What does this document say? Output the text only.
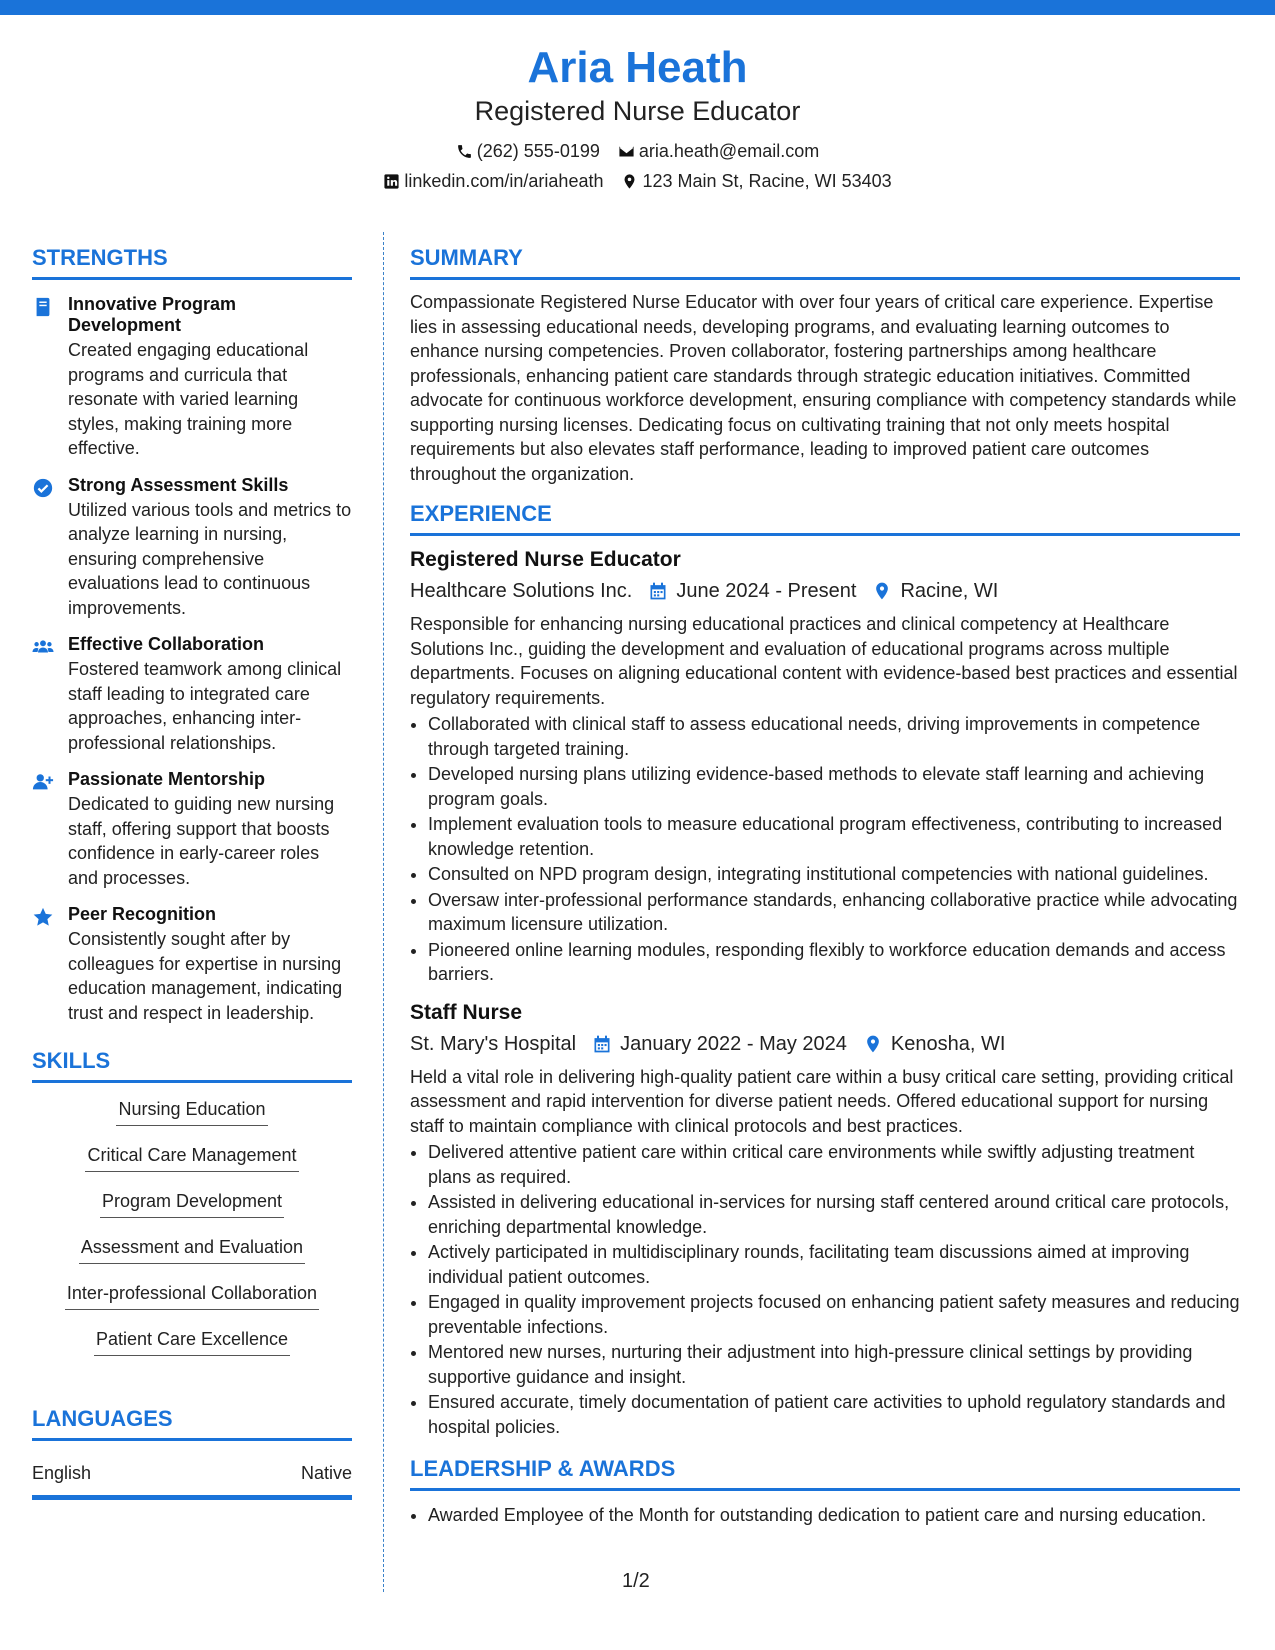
Aria Heath
Registered Nurse Educator
(262) 555-0199 aria.heath@email.com
linkedin.com/in/ariaheath 123 Main St, Racine, WI 53403
STRENGTHS
Innovative Program Development
Created engaging educational programs and curricula that resonate with varied learning styles, making training more effective.
Strong Assessment Skills
Utilized various tools and metrics to analyze learning in nursing, ensuring comprehensive evaluations lead to continuous improvements.
Effective Collaboration
Fostered teamwork among clinical staff leading to integrated care approaches, enhancing inter-professional relationships.
Passionate Mentorship
Dedicated to guiding new nursing staff, offering support that boosts confidence in early-career roles and processes.
Peer Recognition
Consistently sought after by colleagues for expertise in nursing education management, indicating trust and respect in leadership.
SKILLS
Nursing Education
Critical Care Management
Program Development
Assessment and Evaluation
Inter-professional Collaboration
Patient Care Excellence
LANGUAGES
English	Native
SUMMARY
Compassionate Registered Nurse Educator with over four years of critical care experience. Expertise lies in assessing educational needs, developing programs, and evaluating learning outcomes to enhance nursing competencies. Proven collaborator, fostering partnerships among healthcare professionals, enhancing patient care standards through strategic education initiatives. Committed advocate for continuous workforce development, ensuring compliance with competency standards while supporting nursing licenses. Dedicating focus on cultivating training that not only meets hospital requirements but also elevates staff performance, leading to improved patient care outcomes throughout the organization.
EXPERIENCE
Registered Nurse Educator
Healthcare Solutions Inc. June 2024 - Present Racine, WI
Responsible for enhancing nursing educational practices and clinical competency at Healthcare Solutions Inc., guiding the development and evaluation of educational programs across multiple departments. Focuses on aligning educational content with evidence-based best practices and essential regulatory requirements.
• Collaborated with clinical staff to assess educational needs, driving improvements in competence through targeted training.
• Developed nursing plans utilizing evidence-based methods to elevate staff learning and achieving program goals.
• Implement evaluation tools to measure educational program effectiveness, contributing to increased knowledge retention.
• Consulted on NPD program design, integrating institutional competencies with national guidelines.
• Oversaw inter-professional performance standards, enhancing collaborative practice while advocating maximum licensure utilization.
• Pioneered online learning modules, responding flexibly to workforce education demands and access barriers.
Staff Nurse
St. Mary's Hospital January 2022 - May 2024 Kenosha, WI
Held a vital role in delivering high-quality patient care within a busy critical care setting, providing critical assessment and rapid intervention for diverse patient needs. Offered educational support for nursing staff to maintain compliance with clinical protocols and best practices.
• Delivered attentive patient care within critical care environments while swiftly adjusting treatment plans as required.
• Assisted in delivering educational in-services for nursing staff centered around critical care protocols, enriching departmental knowledge.
• Actively participated in multidisciplinary rounds, facilitating team discussions aimed at improving individual patient outcomes.
• Engaged in quality improvement projects focused on enhancing patient safety measures and reducing preventable infections.
• Mentored new nurses, nurturing their adjustment into high-pressure clinical settings by providing supportive guidance and insight.
• Ensured accurate, timely documentation of patient care activities to uphold regulatory standards and hospital policies.
LEADERSHIP & AWARDS
• Awarded Employee of the Month for outstanding dedication to patient care and nursing education.
1/2
